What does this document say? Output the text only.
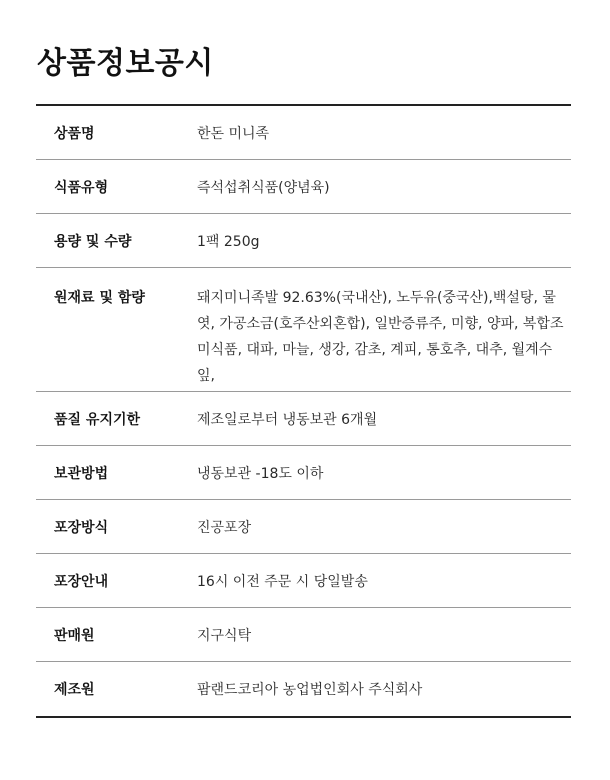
상품정보공시
상품명	한돈 미니족
식품유형	즉석섭취식품(양념육)
용량 및 수량	1팩 250g
원재료 및 함량	돼지미니족발 92.63%(국내산), 노두유(중국산),백설탕, 물엿, 가공소금(호주산외혼합), 일반증류주, 미향, 양파, 복합조미식품, 대파, 마늘, 생강, 감초, 계피, 통호추, 대추, 월계수잎,
품질 유지기한	제조일로부터 냉동보관 6개월
보관방법	냉동보관 -18도 이하
포장방식	진공포장
포장안내	16시 이전 주문 시 당일발송
판매원	지구식탁
제조원	팜랜드코리아 농업법인회사 주식회사
